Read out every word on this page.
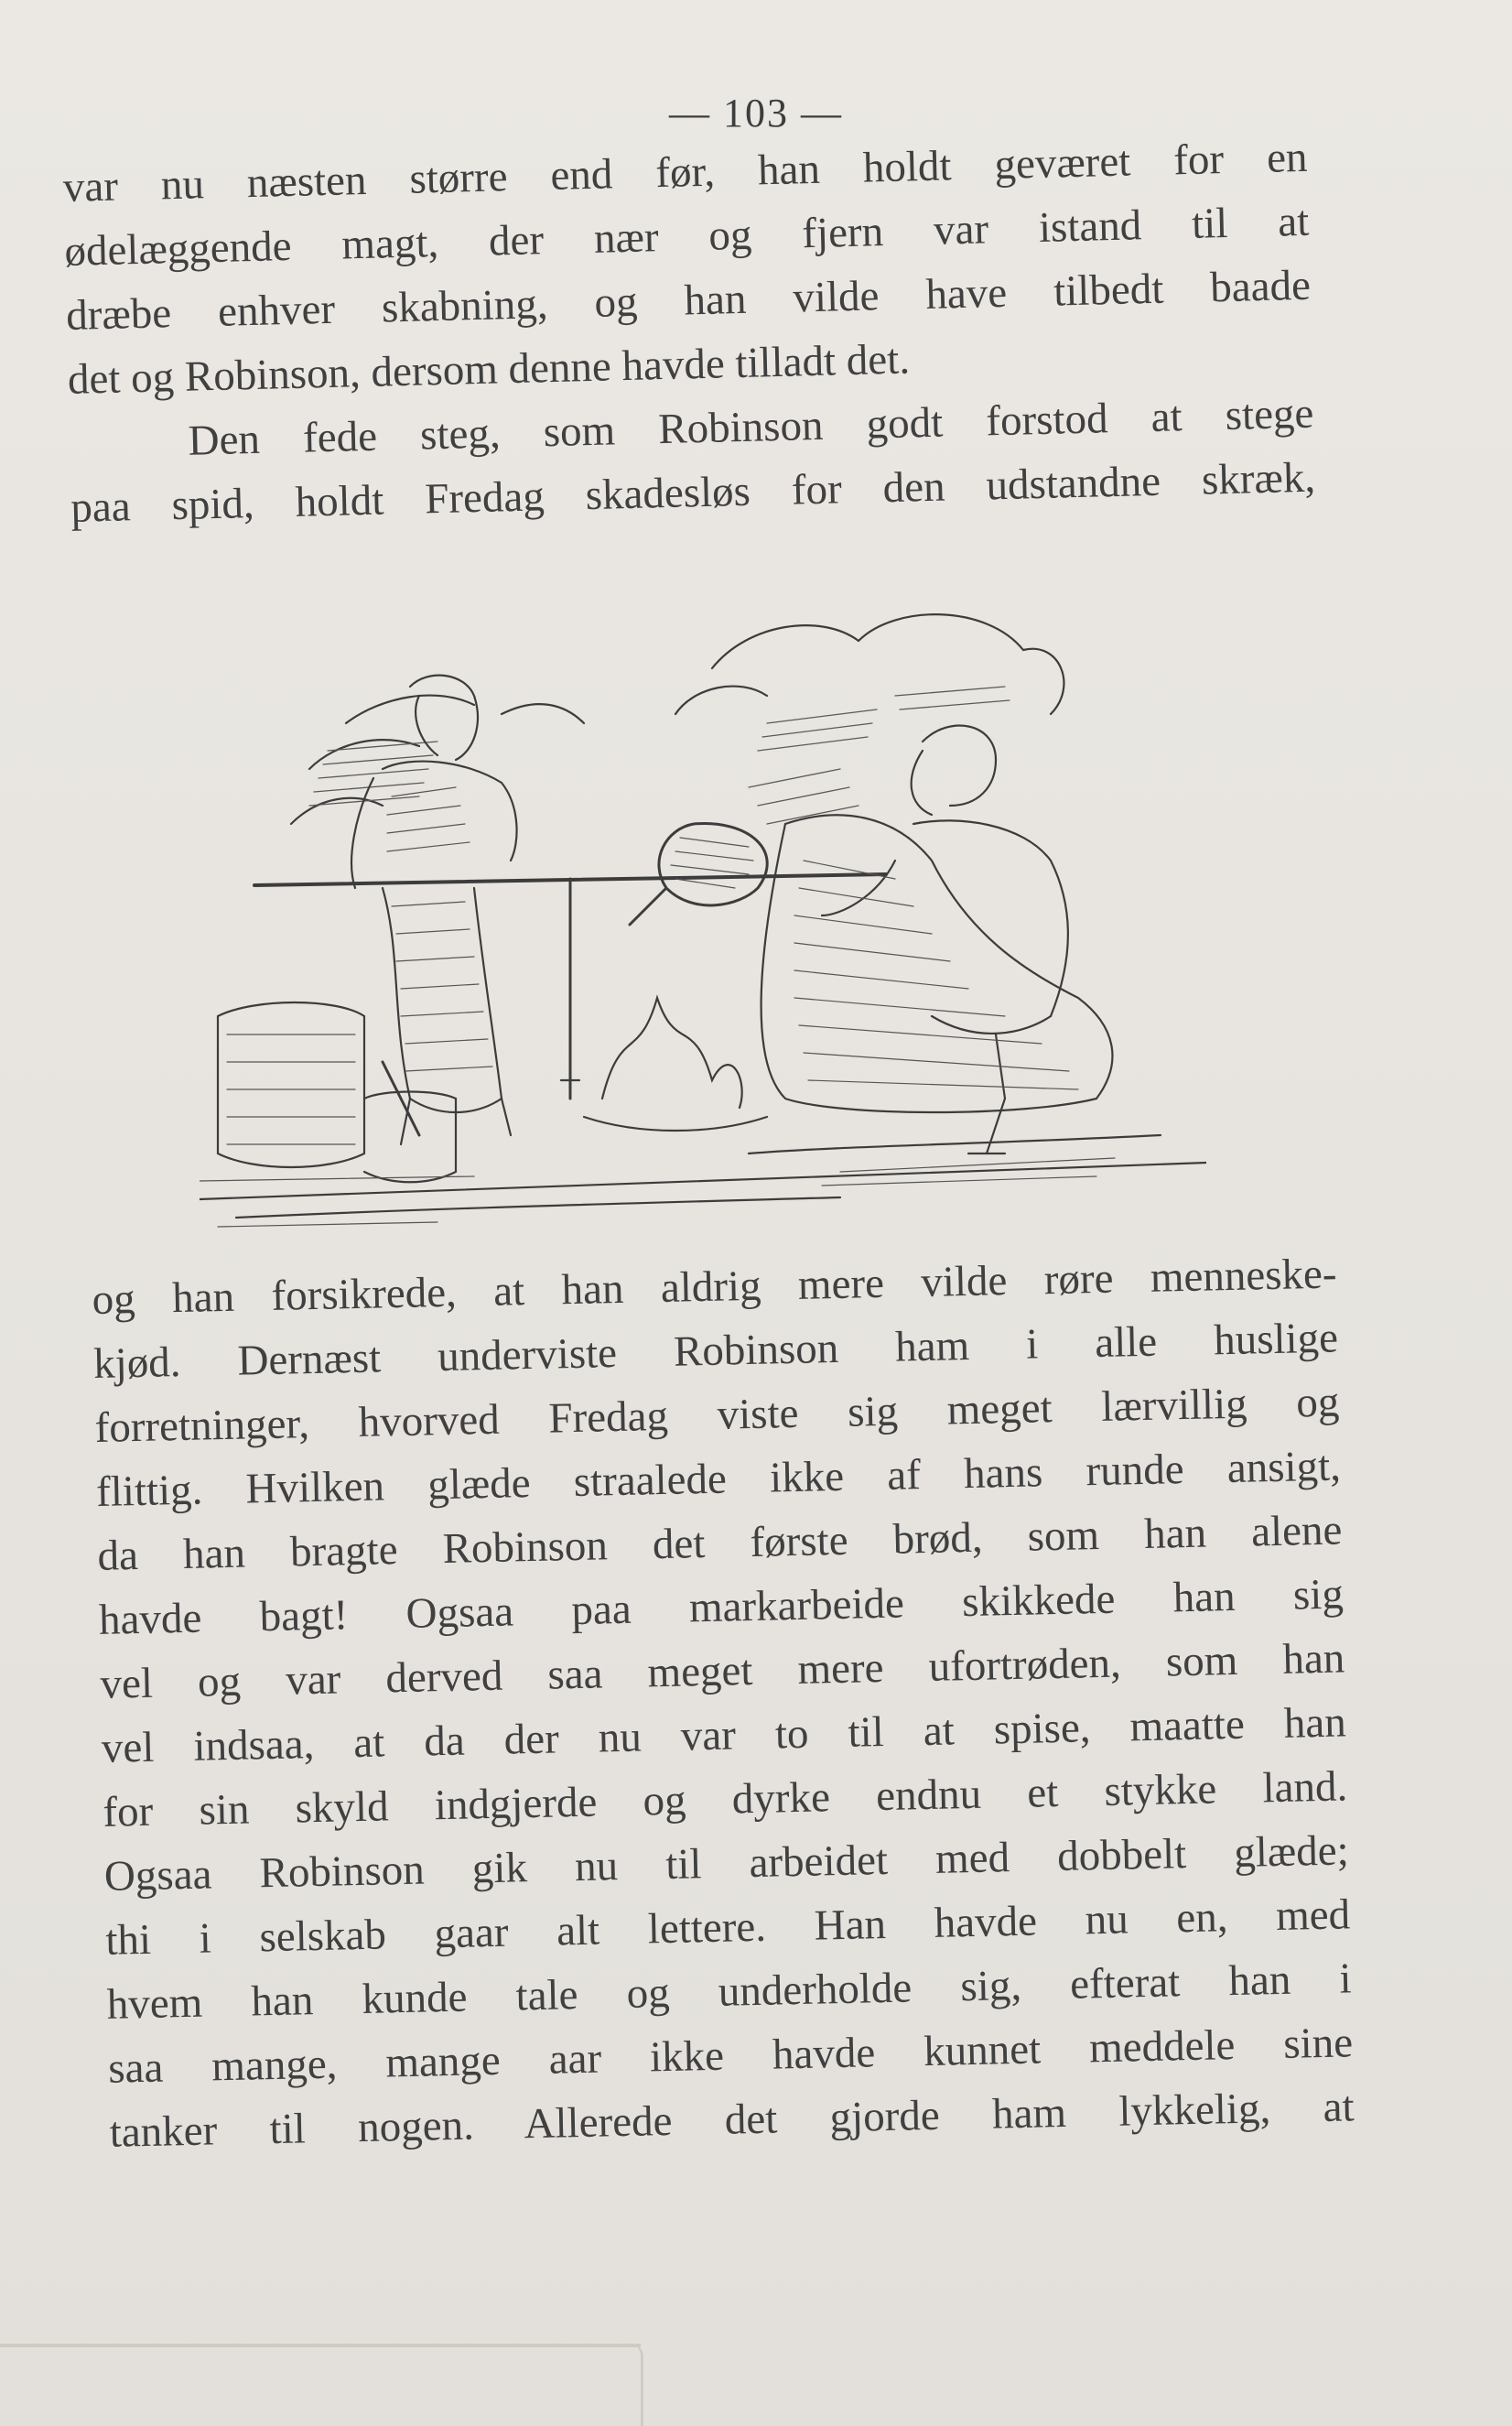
— 103 —
var nu næsten større end før, han holdt geværet for en
ødelæggende magt, der nær og fjern var istand til at
dræbe enhver skabning, og han vilde have tilbedt baade
det og Robinson, dersom denne havde tilladt det.
Den fede steg, som Robinson godt forstod at stege
paa spid, holdt Fredag skadesløs for den udstandne skræk,
og han forsikrede, at han aldrig mere vilde røre menneske-
kjød. Dernæst underviste Robinson ham i alle huslige
forretninger, hvorved Fredag viste sig meget lærvillig og
flittig. Hvilken glæde straalede ikke af hans runde ansigt,
da han bragte Robinson det første brød, som han alene
havde bagt! Ogsaa paa markarbeide skikkede han sig
vel og var derved saa meget mere ufortrøden, som han
vel indsaa, at da der nu var to til at spise, maatte han
for sin skyld indgjerde og dyrke endnu et stykke land.
Ogsaa Robinson gik nu til arbeidet med dobbelt glæde;
thi i selskab gaar alt lettere. Han havde nu en, med
hvem han kunde tale og underholde sig, efterat han i
saa mange, mange aar ikke havde kunnet meddele sine
tanker til nogen. Allerede det gjorde ham lykkelig, at
